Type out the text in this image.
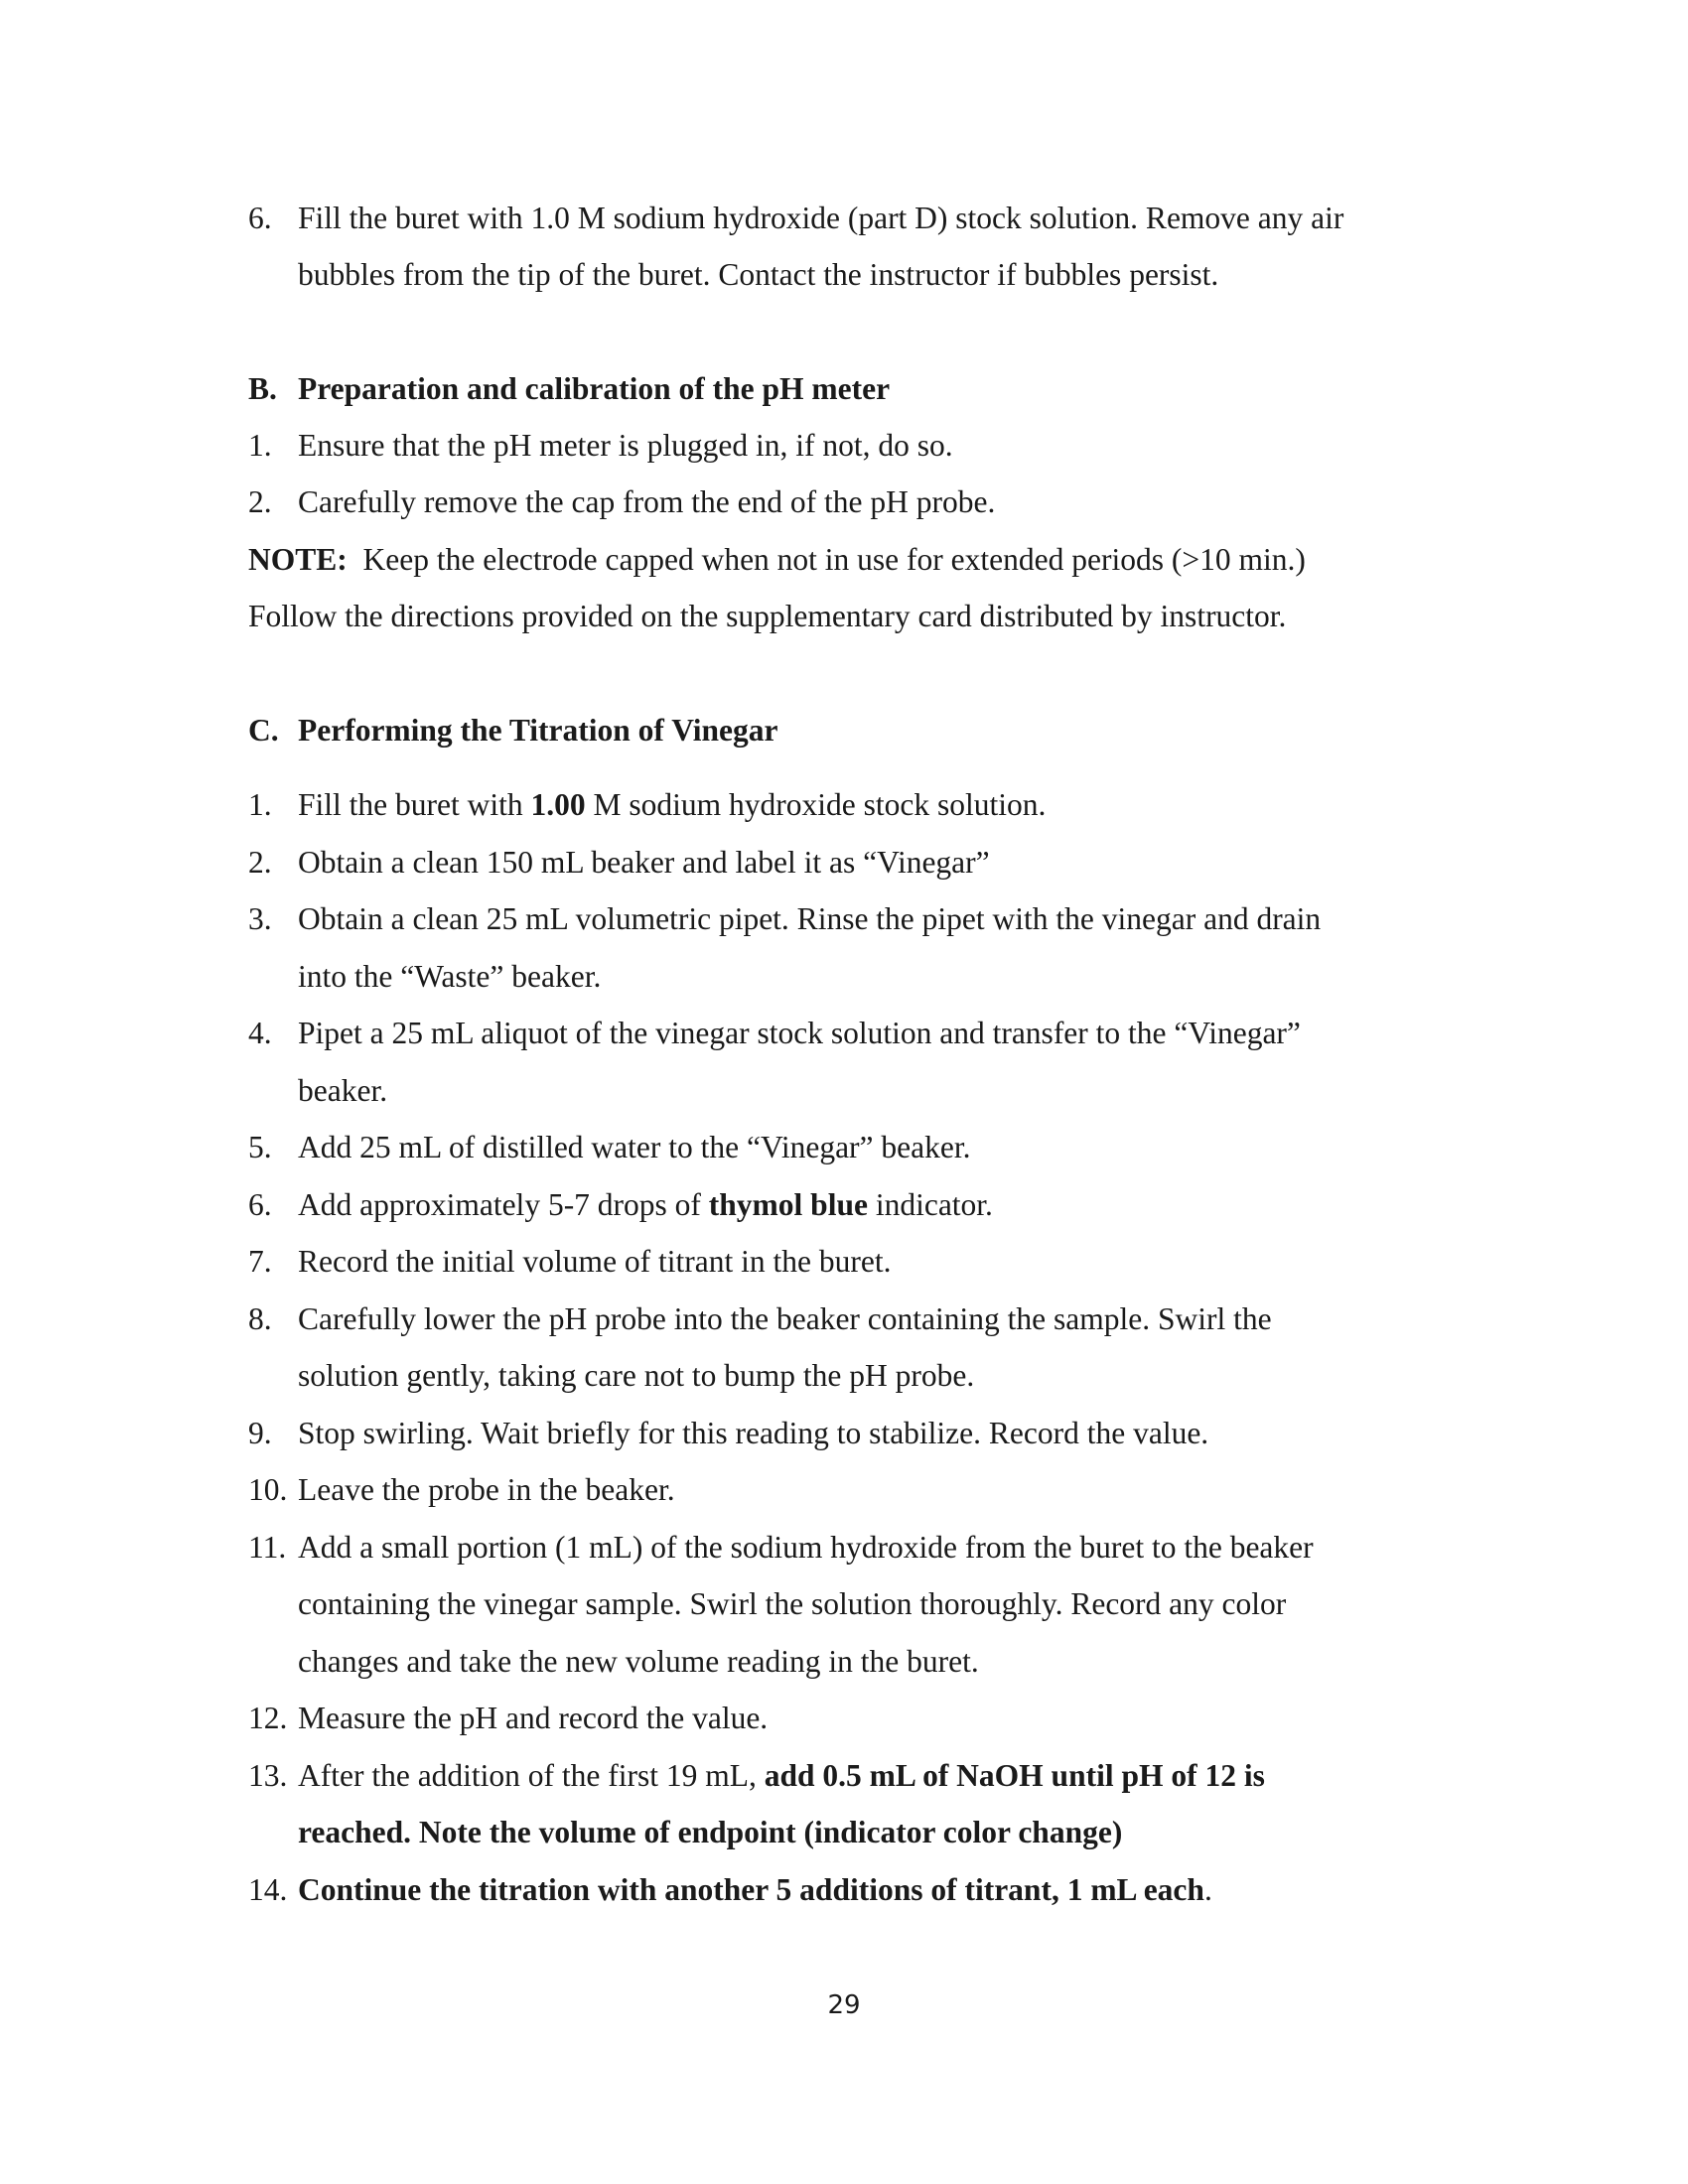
6. Fill the buret with 1.0 M sodium hydroxide (part D) stock solution. Remove any air
bubbles from the tip of the buret. Contact the instructor if bubbles persist.
B. Preparation and calibration of the pH meter
1. Ensure that the pH meter is plugged in, if not, do so.
2. Carefully remove the cap from the end of the pH probe.
NOTE:  Keep the electrode capped when not in use for extended periods (>10 min.)
Follow the directions provided on the supplementary card distributed by instructor.
C. Performing the Titration of Vinegar
1. Fill the buret with 1.00 M sodium hydroxide stock solution.
2. Obtain a clean 150 mL beaker and label it as “Vinegar”
3. Obtain a clean 25 mL volumetric pipet. Rinse the pipet with the vinegar and drain
into the “Waste” beaker.
4. Pipet a 25 mL aliquot of the vinegar stock solution and transfer to the “Vinegar”
beaker.
5. Add 25 mL of distilled water to the “Vinegar” beaker.
6. Add approximately 5-7 drops of thymol blue indicator.
7. Record the initial volume of titrant in the buret.
8. Carefully lower the pH probe into the beaker containing the sample. Swirl the
solution gently, taking care not to bump the pH probe.
9. Stop swirling. Wait briefly for this reading to stabilize. Record the value.
10. Leave the probe in the beaker.
11. Add a small portion (1 mL) of the sodium hydroxide from the buret to the beaker
containing the vinegar sample. Swirl the solution thoroughly. Record any color
changes and take the new volume reading in the buret.
12. Measure the pH and record the value.
13. After the addition of the first 19 mL, add 0.5 mL of NaOH until pH of 12 is
reached. Note the volume of endpoint (indicator color change)
14. Continue the titration with another 5 additions of titrant, 1 mL each.
29
